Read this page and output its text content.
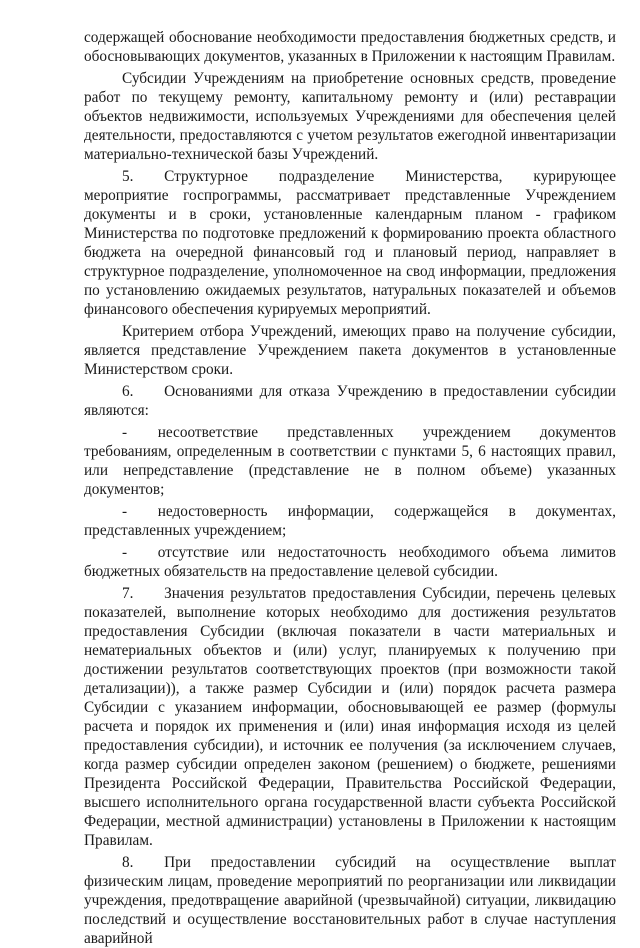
содержащей обоснование необходимости предоставления бюджетных средств, и обосновывающих документов, указанных в Приложении к настоящим Правилам.

Субсидии Учреждениям на приобретение основных средств, проведение работ по текущему ремонту, капитальному ремонту и (или) реставрации объектов недвижимости, используемых Учреждениями для обеспечения целей деятельности, предоставляются с учетом результатов ежегодной инвентаризации материально-технической базы Учреждений.

5.  Структурное подразделение Министерства, курирующее мероприятие госпрограммы, рассматривает представленные Учреждением документы и в сроки, установленные календарным планом - графиком Министерства по подготовке предложений к формированию проекта областного бюджета на очередной финансовый год и плановый период, направляет в структурное подразделение, уполномоченное на свод информации, предложения по установлению ожидаемых результатов, натуральных показателей и объемов финансового обеспечения курируемых мероприятий.

Критерием отбора Учреждений, имеющих право на получение субсидии, является представление Учреждением пакета документов в установленные Министерством сроки.

6.  Основаниями для отказа Учреждению в предоставлении субсидии являются:

-  несоответствие представленных учреждением документов требованиям, определенным в соответствии с пунктами 5, 6 настоящих правил, или непредставление (представление не в полном объеме) указанных документов;

-  недостоверность информации, содержащейся в документах, представленных учреждением;

-  отсутствие или недостаточность необходимого объема лимитов бюджетных обязательств на предоставление целевой субсидии.

7.  Значения результатов предоставления Субсидии, перечень целевых показателей, выполнение которых необходимо для достижения результатов предоставления Субсидии (включая показатели в части материальных и нематериальных объектов и (или) услуг, планируемых к получению при достижении результатов соответствующих проектов (при возможности такой детализации)), а также размер Субсидии и (или) порядок расчета размера Субсидии с указанием информации, обосновывающей ее размер (формулы расчета и порядок их применения и (или) иная информация исходя из целей предоставления субсидии), и источник ее получения (за исключением случаев, когда размер субсидии определен законом (решением) о бюджете, решениями Президента Российской Федерации, Правительства Российской Федерации, высшего исполнительного органа государственной власти субъекта Российской Федерации, местной администрации) установлены в Приложении к настоящим Правилам.

8.  При предоставлении субсидий на осуществление выплат физическим лицам, проведение мероприятий по реорганизации или ликвидации учреждения, предотвращение аварийной (чрезвычайной) ситуации, ликвидацию последствий и осуществление восстановительных работ в случае наступления аварийной
